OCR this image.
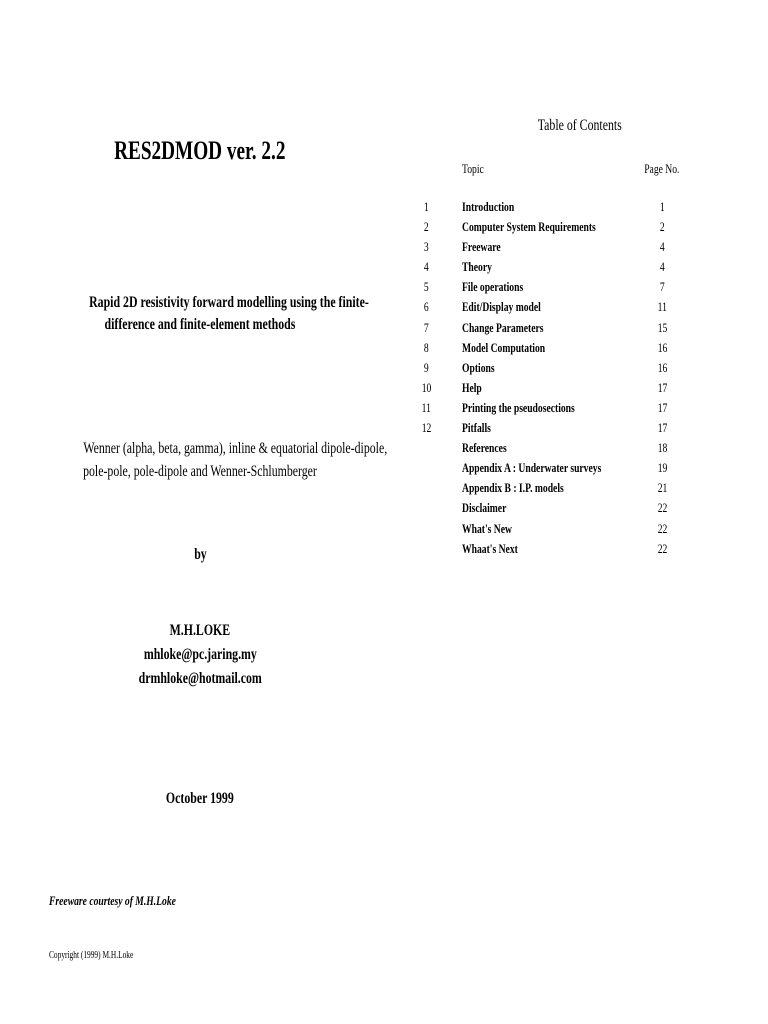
RES2DMOD ver. 2.2
Rapid 2D resistivity forward modelling using the finite-
difference and finite-element methods
Wenner (alpha, beta, gamma), inline & equatorial dipole-dipole,
pole-pole, pole-dipole and Wenner-Schlumberger
by
M.H.LOKE
mhloke@pc.jaring.my
drmhloke@hotmail.com
October 1999
Freeware courtesy of M.H.Loke
Copyright (1999) M.H.Loke
Table of Contents
Topic	Page No.
1	Introduction	1
2	Computer System Requirements	2
3	Freeware	4
4	Theory	4
5	File operations	7
6	Edit/Display model	11
7	Change Parameters	15
8	Model Computation	16
9	Options	16
10	Help	17
11	Printing the pseudosections	17
12	Pitfalls	17
References	18
Appendix A : Underwater surveys	19
Appendix B : I.P. models	21
Disclaimer	22
What's New	22
Whaat's Next	22
